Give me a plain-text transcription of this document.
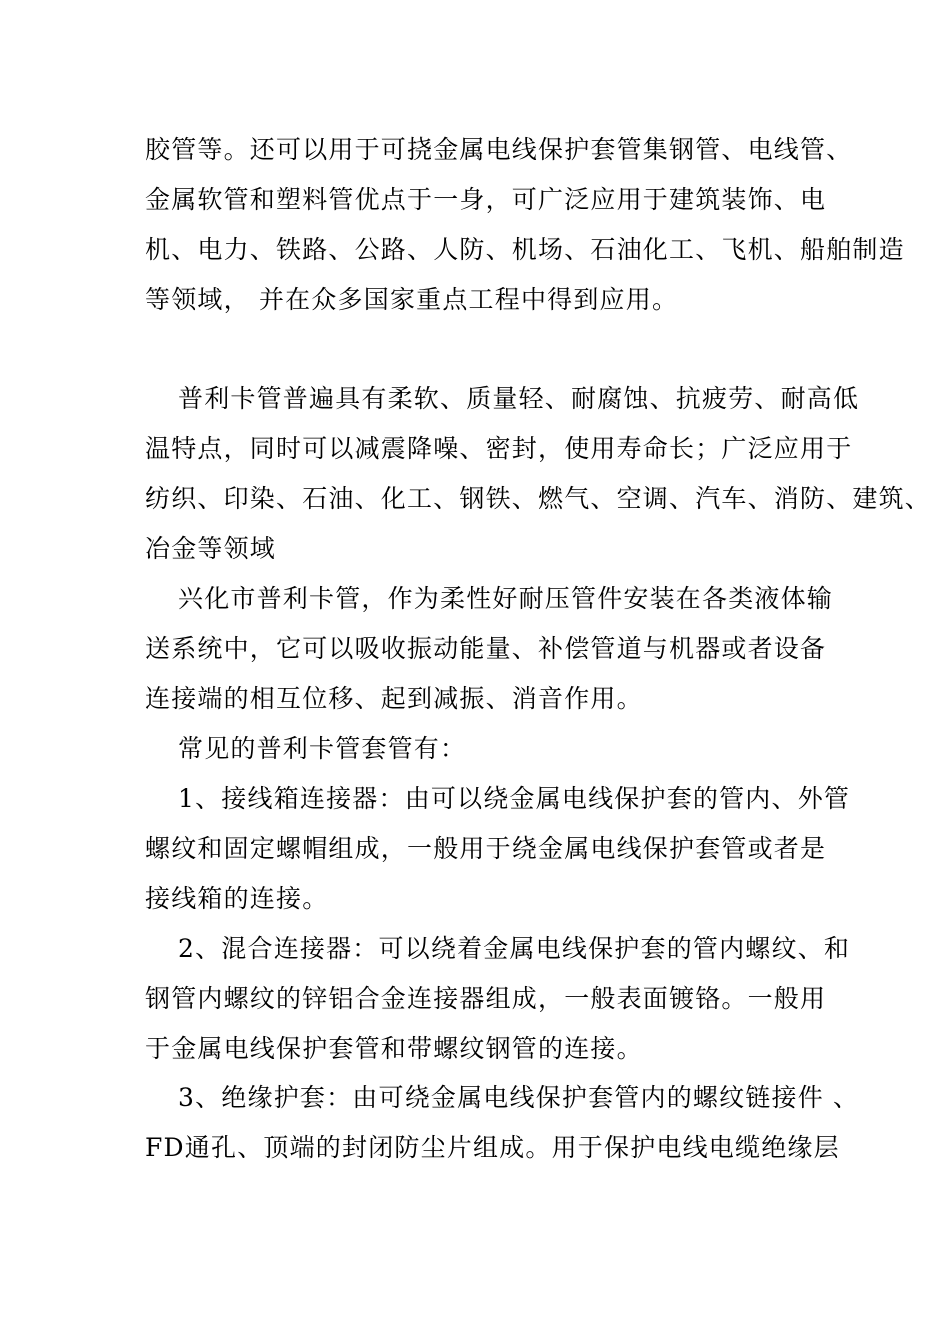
胶管等。还可以用于可挠金属电线保护套管集钢管、电线管、
金属软管和塑料管优点于一身，可广泛应用于建筑装饰、电
机、电力、铁路、公路、人防、机场、石油化工、飞机、船舶制造
等领域， 并在众多国家重点工程中得到应用。
普利卡管普遍具有柔软、质量轻、耐腐蚀、抗疲劳、耐高低
温特点，同时可以减震降噪、密封，使用寿命长；广泛应用于
纺织、印染、石油、化工、钢铁、燃气、空调、汽车、消防、建筑、
冶金等领域
兴化市普利卡管，作为柔性好耐压管件安装在各类液体输
送系统中，它可以吸收振动能量、补偿管道与机器或者设备
连接端的相互位移、起到减振、消音作用。
常见的普利卡管套管有：
1、接线箱连接器：由可以绕金属电线保护套的管内、外管
螺纹和固定螺帽组成，一般用于绕金属电线保护套管或者是
接线箱的连接。
2、混合连接器：可以绕着金属电线保护套的管内螺纹、和
钢管内螺纹的锌铝合金连接器组成，一般表面镀铬。一般用
于金属电线保护套管和带螺纹钢管的连接。
3、绝缘护套：由可绕金属电线保护套管内的螺纹链接件 、
FD通孔、顶端的封闭防尘片组成。用于保护电线电缆绝缘层
